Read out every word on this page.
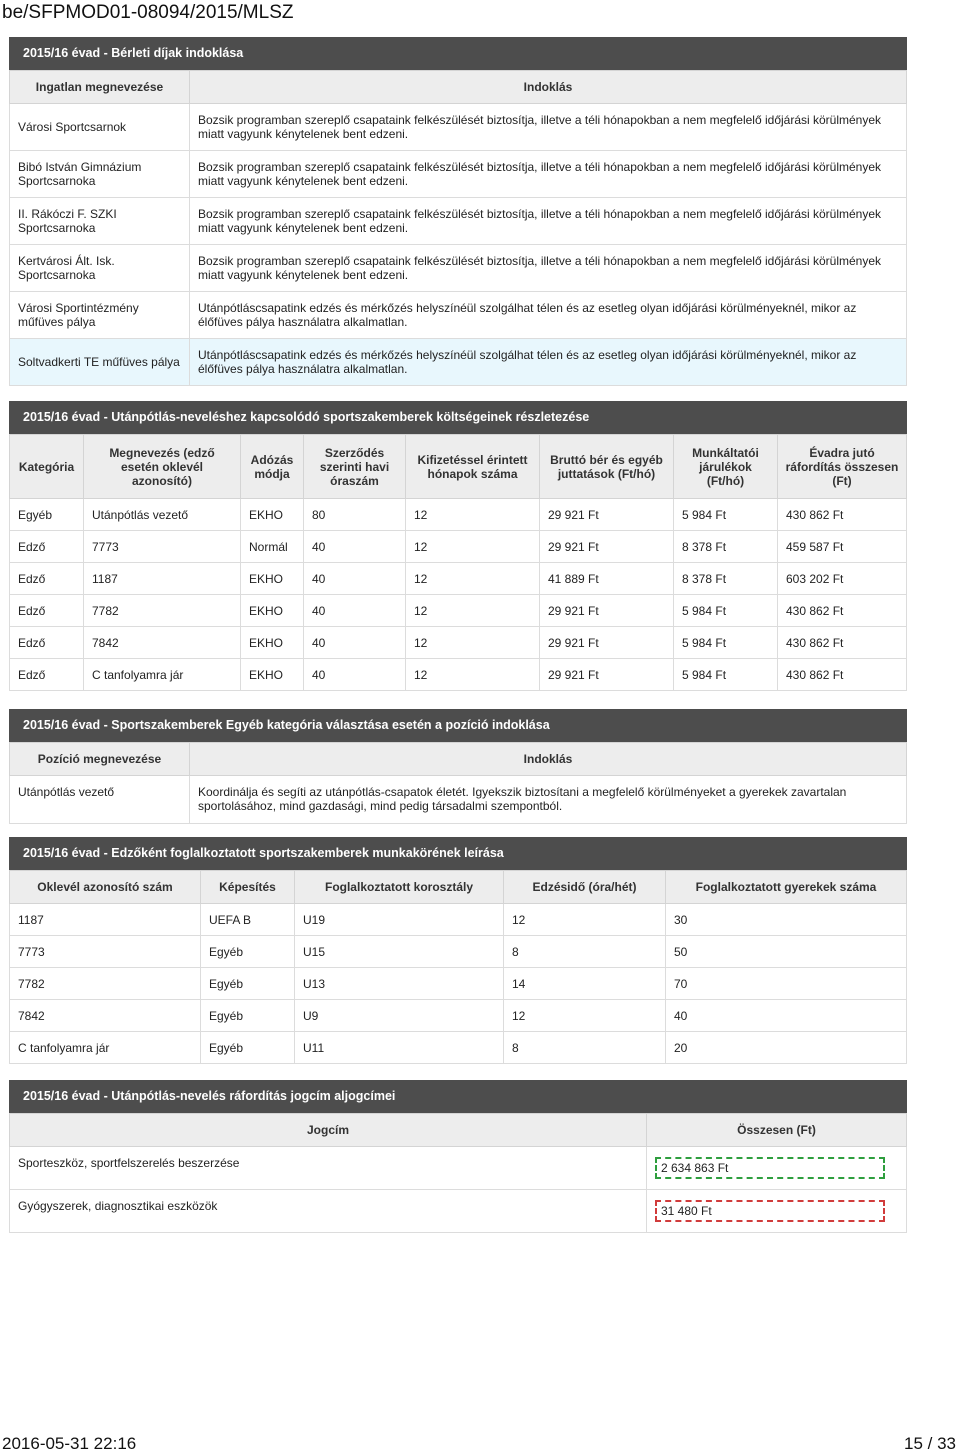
be/SFPMOD01-08094/2015/MLSZ
2015/16 évad - Bérleti díjak indoklása
Ingatlan megnevezése	Indoklás
Városi Sportcsarnok	Bozsik programban szereplő csapataink felkészülését biztosítja, illetve a téli hónapokban a nem megfelelő időjárási körülmények miatt vagyunk kénytelenek bent edzeni.
Bibó István Gimnázium Sportcsarnoka	Bozsik programban szereplő csapataink felkészülését biztosítja, illetve a téli hónapokban a nem megfelelő időjárási körülmények miatt vagyunk kénytelenek bent edzeni.
II. Rákóczi F. SZKI Sportcsarnoka	Bozsik programban szereplő csapataink felkészülését biztosítja, illetve a téli hónapokban a nem megfelelő időjárási körülmények miatt vagyunk kénytelenek bent edzeni.
Kertvárosi Ált. Isk. Sportcsarnoka	Bozsik programban szereplő csapataink felkészülését biztosítja, illetve a téli hónapokban a nem megfelelő időjárási körülmények miatt vagyunk kénytelenek bent edzeni.
Városi Sportintézmény műfüves pálya	Utánpótláscsapatink edzés és mérkőzés helyszínéül szolgálhat télen és az esetleg olyan időjárási körülményeknél, mikor az élőfüves pálya használatra alkalmatlan.
Soltvadkerti TE műfüves pálya	Utánpótláscsapatink edzés és mérkőzés helyszínéül szolgálhat télen és az esetleg olyan időjárási körülményeknél, mikor az élőfüves pálya használatra alkalmatlan.
2015/16 évad - Utánpótlás-neveléshez kapcsolódó sportszakemberek költségeinek részletezése
Kategória	Megnevezés (edző esetén oklevél azonosító)	Adózás módja	Szerződés szerinti havi óraszám	Kifizetéssel érintett hónapok száma	Bruttó bér és egyéb juttatások (Ft/hó)	Munkáltatói járulékok (Ft/hó)	Évadra jutó ráfordítás összesen (Ft)
Egyéb	Utánpótlás vezető	EKHO	80	12	29 921 Ft	5 984 Ft	430 862 Ft
Edző	7773	Normál	40	12	29 921 Ft	8 378 Ft	459 587 Ft
Edző	1187	EKHO	40	12	41 889 Ft	8 378 Ft	603 202 Ft
Edző	7782	EKHO	40	12	29 921 Ft	5 984 Ft	430 862 Ft
Edző	7842	EKHO	40	12	29 921 Ft	5 984 Ft	430 862 Ft
Edző	C tanfolyamra jár	EKHO	40	12	29 921 Ft	5 984 Ft	430 862 Ft
2015/16 évad - Sportszakemberek Egyéb kategória választása esetén a pozíció indoklása
Pozíció megnevezése	Indoklás
Utánpótlás vezető	Koordinálja és segíti az utánpótlás-csapatok életét. Igyekszik biztosítani a megfelelő körülményeket a gyerekek zavartalan sportolásához, mind gazdasági, mind pedig társadalmi szempontból.
2015/16 évad - Edzőként foglalkoztatott sportszakemberek munkakörének leírása
Oklevél azonosító szám	Képesítés	Foglalkoztatott korosztály	Edzésidő (óra/hét)	Foglalkoztatott gyerekek száma
1187	UEFA B	U19	12	30
7773	Egyéb	U15	8	50
7782	Egyéb	U13	14	70
7842	Egyéb	U9	12	40
C tanfolyamra jár	Egyéb	U11	8	20
2015/16 évad - Utánpótlás-nevelés ráfordítás jogcím aljogcímei
Jogcím	Összesen (Ft)
Sporteszköz, sportfelszerelés beszerzése	2 634 863 Ft

Gyógyszerek, diagnosztikai eszközök	31 480 Ft
2016-05-31 22:16	15 / 33
